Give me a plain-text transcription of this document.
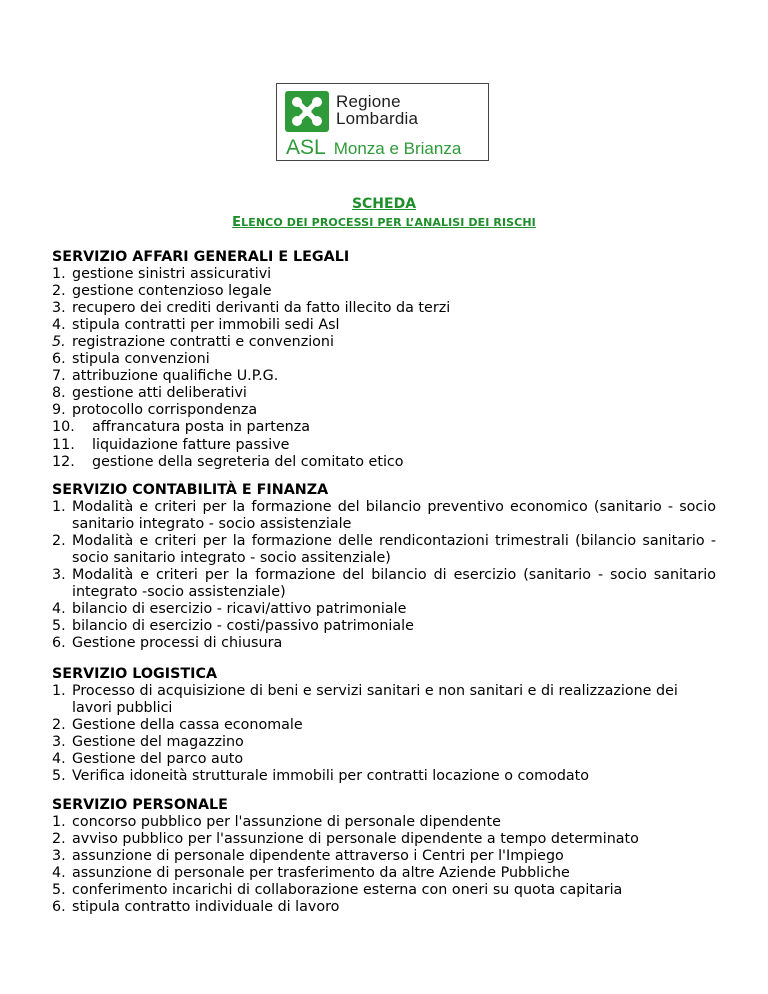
Regione
Lombardia
ASL Monza e Brianza
SCHEDA
ELENCO DEI PROCESSI PER L’ANALISI DEI RISCHI
SERVIZIO AFFARI GENERALI E LEGALI
1. gestione sinistri assicurativi
2. gestione contenzioso legale
3. recupero dei crediti derivanti da fatto illecito da terzi
4. stipula contratti per immobili sedi Asl
5. registrazione contratti e convenzioni
6. stipula convenzioni
7. attribuzione qualifiche U.P.G.
8. gestione atti deliberativi
9. protocollo corrispondenza
10.	affrancatura posta in partenza
11.	liquidazione fatture passive
12.	gestione della segreteria del comitato etico
SERVIZIO CONTABILITÀ E FINANZA
1. Modalità e criteri per la formazione del bilancio preventivo economico (sanitario - socio sanitario integrato - socio assistenziale
2. Modalità e criteri per la formazione delle rendicontazioni trimestrali (bilancio sanitario - socio sanitario integrato - socio assitenziale)
3. Modalità e criteri per la formazione del bilancio di esercizio (sanitario - socio sanitario integrato -socio assistenziale)
4. bilancio di esercizio - ricavi/attivo patrimoniale
5. bilancio di esercizio - costi/passivo patrimoniale
6. Gestione processi di chiusura
SERVIZIO LOGISTICA
1. Processo di acquisizione di beni e servizi sanitari e non sanitari e di realizzazione dei lavori pubblici
2. Gestione della cassa economale
3. Gestione del magazzino
4. Gestione del parco auto
5. Verifica idoneità strutturale immobili per contratti locazione o comodato
SERVIZIO PERSONALE
1. concorso pubblico per l'assunzione di personale dipendente
2. avviso pubblico per l'assunzione di personale dipendente a tempo determinato
3. assunzione di personale dipendente attraverso i Centri per l'Impiego
4. assunzione di personale per trasferimento da altre Aziende Pubbliche
5. conferimento incarichi di collaborazione esterna con oneri su quota capitaria
6. stipula contratto individuale di lavoro
